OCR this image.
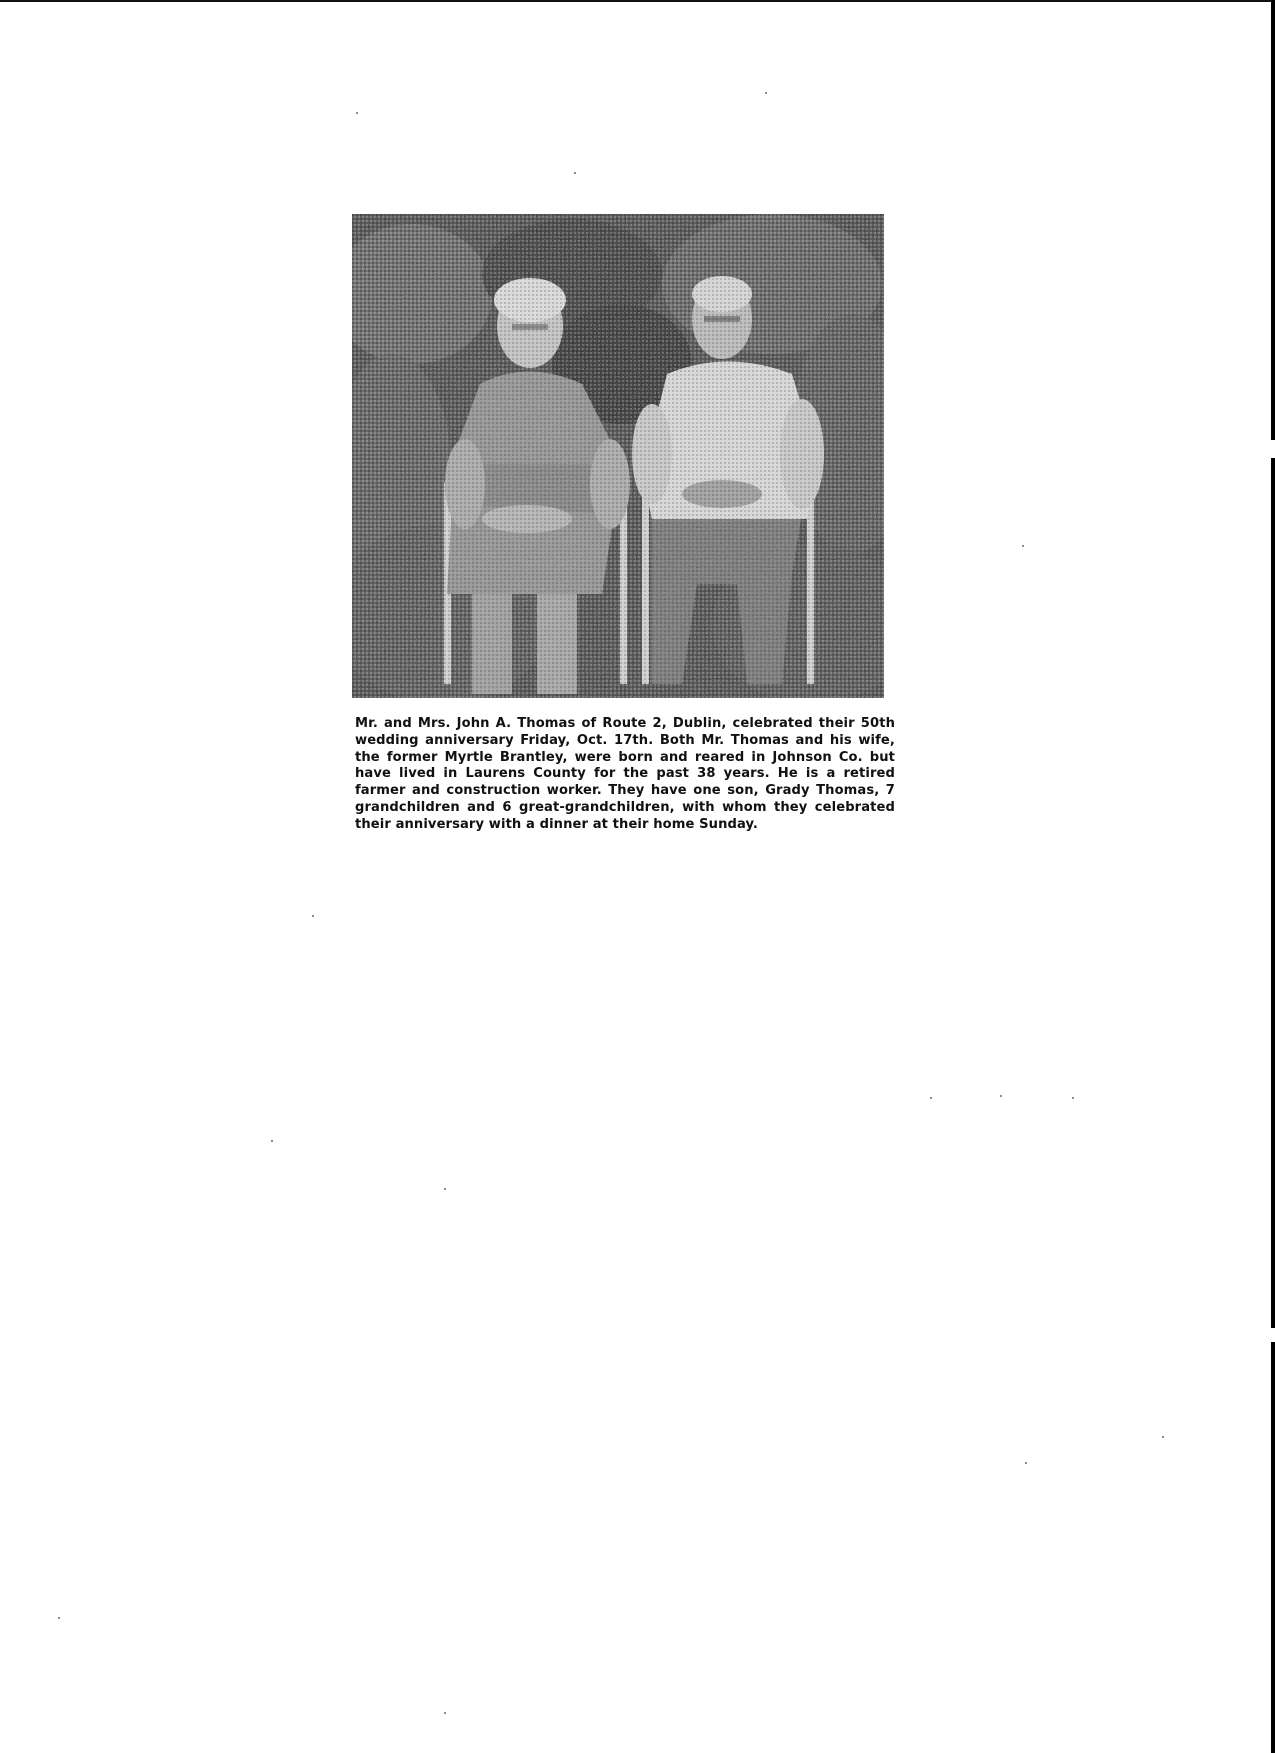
Mr. and Mrs. John A. Thomas of Route 2, Dublin, celebrated their 50th wedding anniversary Friday, Oct. 17th. Both Mr. Thomas and his wife, the former Myrtle Brantley, were born and reared in Johnson Co. but have lived in Laurens County for the past 38 years. He is a retired farmer and construction worker. They have one son, Grady Thomas, 7 grandchildren and 6 great-grandchildren, with whom they celebrated their anniversary with a dinner at their home Sunday.
